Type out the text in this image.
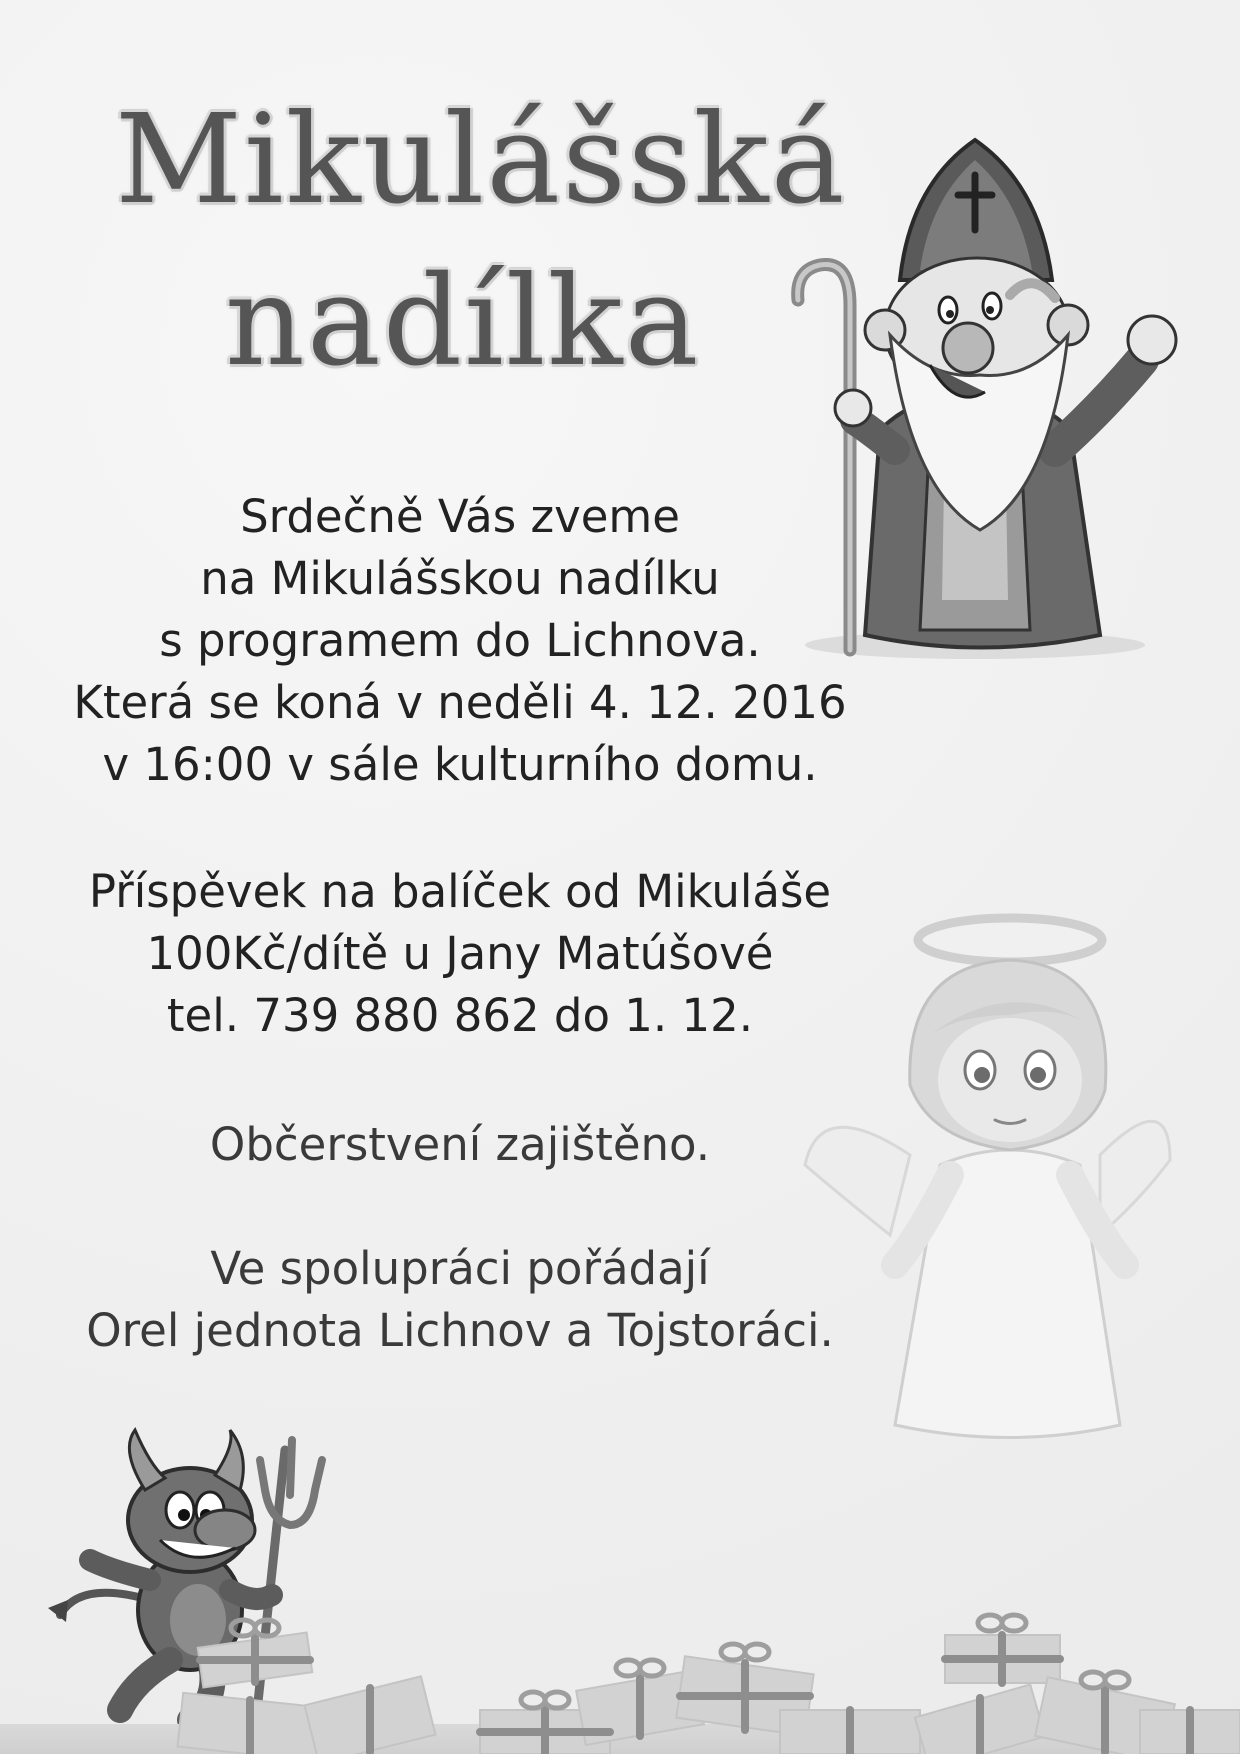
Mikulášská
nadílka
Srdečně Vás zveme
na Mikulášskou nadílku
s programem do Lichnova.
Která se koná v neděli 4. 12. 2016
v 16:00 v sále kulturního domu.
Příspěvek na balíček od Mikuláše
100Kč/dítě u Jany Matúšové
tel. 739 880 862 do 1. 12.
Občerstvení zajištěno.
Ve spolupráci pořádají
Orel jednota Lichnov a Tojstoráci.
